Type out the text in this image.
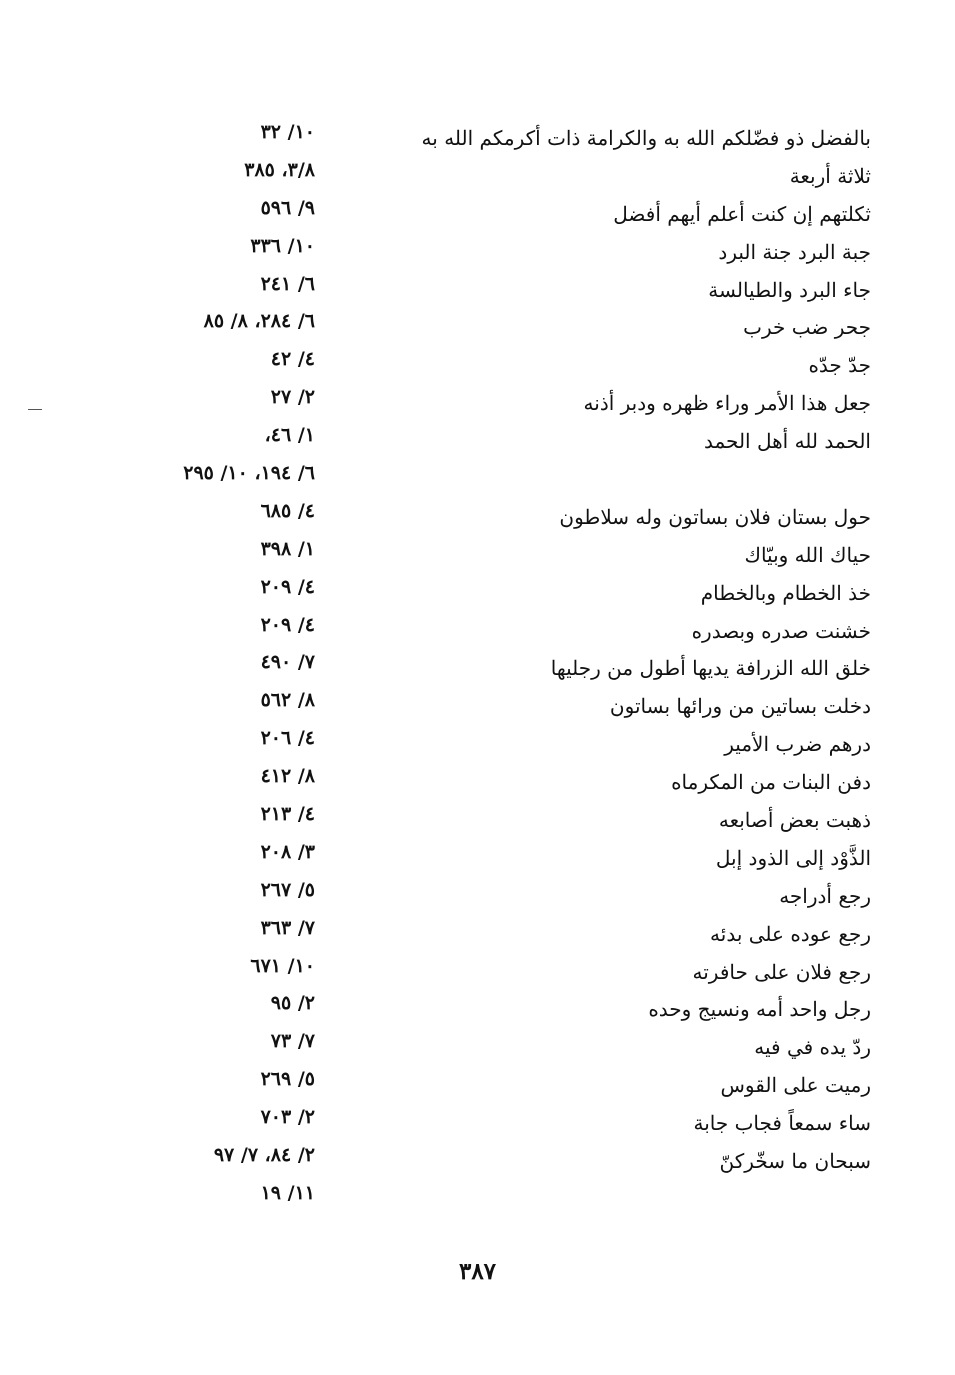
بالفضل ذو فضّلكم الله به والكرامة ذات أكرمكم الله به
١٠/ ٣٢
ثلاثة أربعة
٣/٨، ٣٨٥
ثكلتهم إن كنت أعلم أيهم أفضل
٩/ ٥٩٦
جبة البرد جنة البرد
١٠/ ٣٣٦
جاء البرد والطيالسة
٦/ ٢٤١
جحر ضب خرب
٦/ ٢٨٤، ٨/ ٨٥
جدّ جدّه
٤/ ٤٢
جعل هذا الأمر وراء ظهره ودبر أذنه
٢/ ٢٧
الحمد لله أهل الحمد
١/ ٤٦،
٦/ ١٩٤، ١٠/ ٢٩٥
حول بستان فلان بساتون وله سلاطون
٤/ ٦٨٥
حياك الله وبيّاك
١/ ٣٩٨
خذ الخطام وبالخطام
٤/ ٢٠٩
خشنت صدره وبصدره
٤/ ٢٠٩
خلق الله الزرافة يديها أطول من رجليها
٧/ ٤٩٠
دخلت بساتين من ورائها بساتون
٨/ ٥٦٢
درهم ضرب الأمير
٤/ ٢٠٦
دفن البنات من المكرماه
٨/ ٤١٢
ذهبت بعض أصابعه
٤/ ٢١٣
الذَّوْد إلى الذود إبل
٣/ ٢٠٨
رجع أدراجه
٥/ ٢٦٧
رجع عوده على بدئه
٧/ ٣٦٣
رجع فلان على حافرته
١٠/ ٦٧١
رجل واحد أمه ونسيج وحده
٢/ ٩٥
ردّ يده في فيه
٧/ ٧٣
رميت على القوس
٥/ ٢٦٩
ساء سمعاً فجاب جابة
٢/ ٧٠٣
سبحان ما سخّركنّ
٢/ ٨٤، ٧/ ٩٧
١١/ ١٩
٣٨٧
